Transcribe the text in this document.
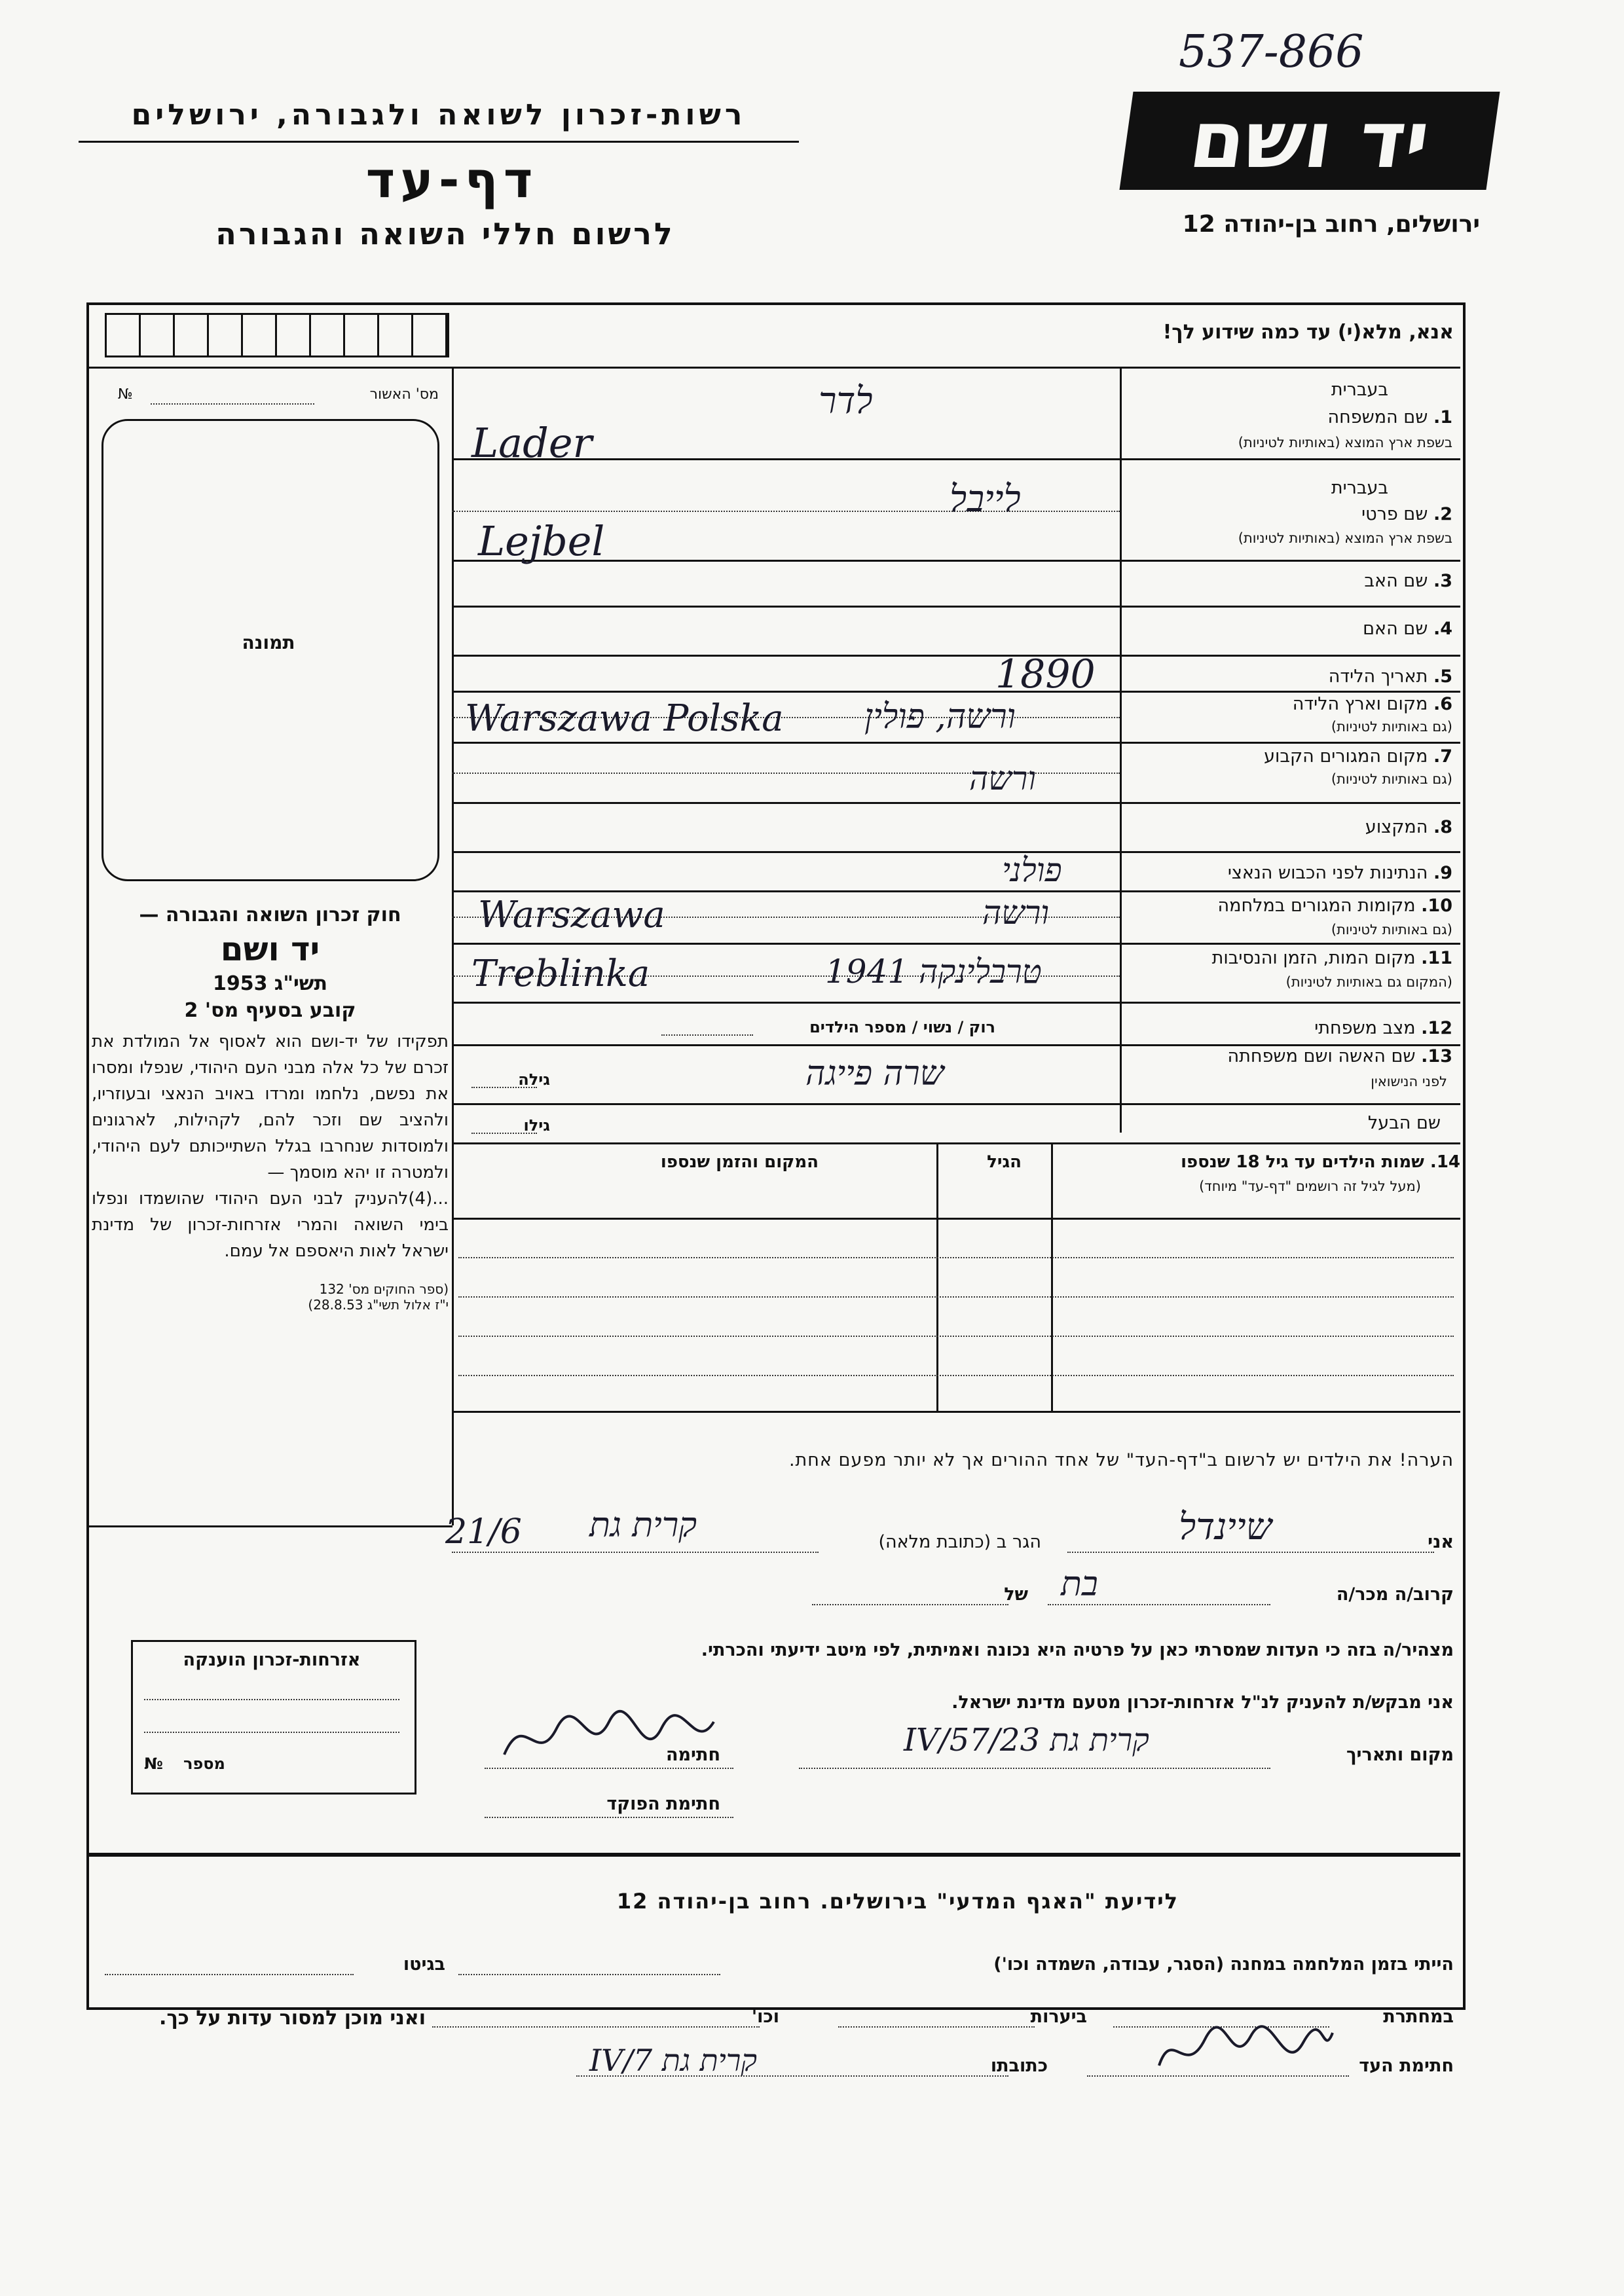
537-866
יד ושם
רשות-זכרון לשואה ולגבורה, ירושלים
דף-עד
לרשום חללי השואה והגבורה	ירושלים, רחוב בן-יהודה 12
אנא, מלא(י) עד כמה שידוע לך!
מס' האשור
№
תמונה
חוק זכרון השואה והגבורה —
יד ושם
תשי"ג 1953
קובע בסעיף מס' 2
תפקידו של יד-ושם הוא לאסוף אל המולדת את זכרם של כל אלה מבני העם היהודי, שנפלו ומסרו את נפשם, נלחמו ומרדו באויב הנאצי ובעוזריו, ולהציב שם וזכר להם, לקהילות, לארגונים ולמוסדות שנחרבו בגלל השתייכותם לעם היהודי, ולמטרה זו יהא מוסמך —
...(4)להעניק לבני העם היהודי שהושמדו ונפלו בימי השואה והמרי אזרחות-זכרון של מדינת ישראל לאות היאספם אל עמם.
(ספר החוקים מס' 132
י"ז אלול תשי"ג 28.8.53)
בעברית
1. שם המשפחה
בשפת ארץ המוצא (באותיות לטיניות)
בעברית
2. שם פרטי
בשפת ארץ המוצא (באותיות לטיניות)
3. שם האב
4. שם האם
5. תאריך הלידה
6. מקום וארץ הלידה
(גם באותיות לטיניות)
7. מקום המגורים הקבוע
(גם באותיות לטיניות)
8. המקצוע
9. הנתינות לפני הכבוש הנאצי
10. מקומות המגורים במלחמה
(גם באותיות לטיניות)
11. מקום המות, הזמן והנסיבות
(המקום גם באותיות לטיניות)
12. מצב משפחתי
13. שם האשה ושם משפחתה
לפני הנישואין
שם הבעל
לדר
Lader
לייבל
Lejbel
1890
ורשה, פולין
Warszawa Polska
ורשה
פולני
ורשה
Warszawa
טרבלינקה 1941
Treblinka
שרה פייגה
רוק / נשוי / מספר הילדים
גילה
גילו
14. שמות הילדים עד גיל 18 שנספו
(מעל לגיל זה רושמים "דף-עד" מיוחד)
הגיל
המקום והזמן שנספו
הערה! את הילדים יש לרשום ב"דף-העד" של אחד ההורים אך לא יותר מפעם אחת.
אני
שיינדל
הגר ב (כתובת מלאה)
קרית גת
21/6
קרוב/ה מכר/ה
בת
של
מצהיר/ה בזה כי העדות שמסרתי כאן על פרטיה היא נכונה ואמיתית, לפי מיטב ידיעתי והכרתי.
אני מבקש/ת להעניק לנ"ל אזרחות-זכרון מטעם מדינת ישראל.
מקום ותאריך
קרית גת 23/IV/57
חתימה
חתימת הפוקד
אזרחות-זכרון הוענקה
מספר
№
לידיעת "האגף המדעי" בירושלים. רחוב בן-יהודה 12
הייתי בזמן המלחמה במחנה (הסגר, עבודה, השמדה וכו')
בגיטו
במחתרת
ביערות
וכו'
ואני מוכן למסור עדות על כך.
חתימת העד
כתובתו
קרית גת 7/IV
